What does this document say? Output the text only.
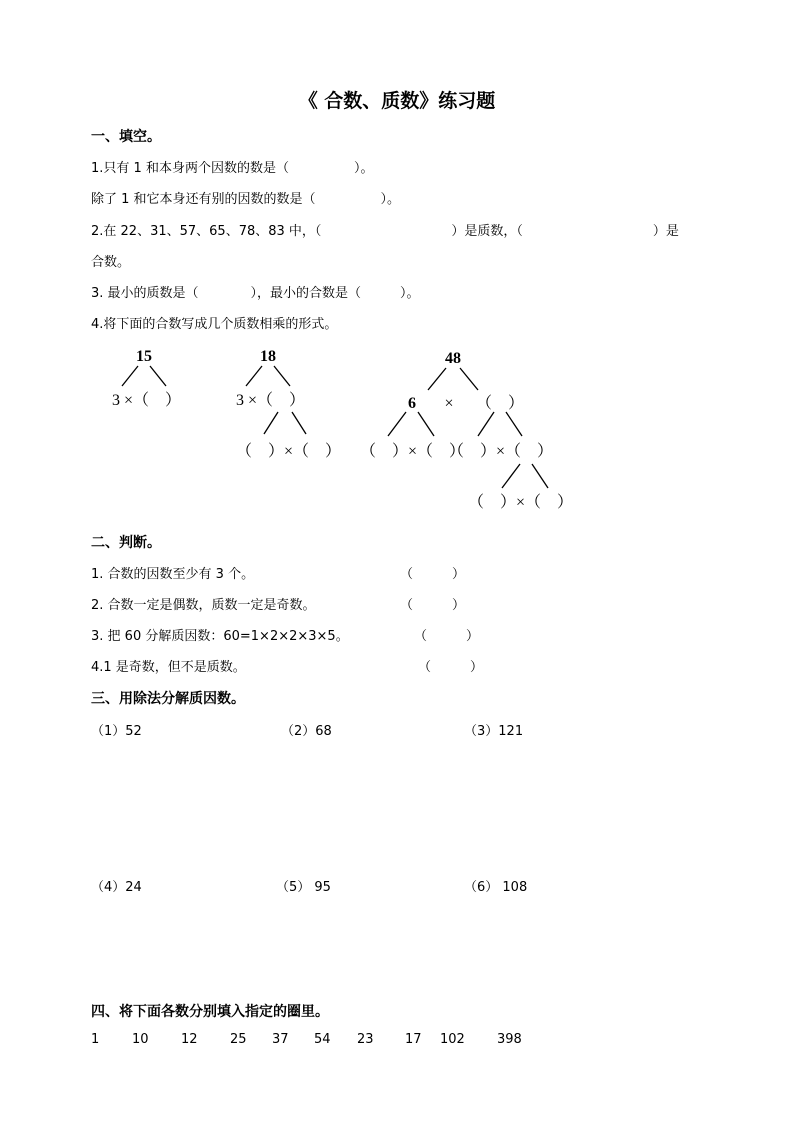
《 合数、质数》练习题
一、填空。
1.只有 1 和本身两个因数的数是（　　　　　）。
除了 1 和它本身还有别的因数的数是（　　　　　）。
2.在 22、31、57、65、78、83 中，（　　　　　　　　　　）是质数，（　　　　　　　　　　）是
合数。
3. 最小的质数是（　　　　），最小的合数是（　　　）。
4.将下面的合数写成几个质数相乘的形式。
15
3 ×（　）
18
3 ×（　）
（　）×（　）
48
6 × （　）
（　）×（　）
（　）×（　）
（　）×（　）
二、判断。
1. 合数的因数至少有 3 个。	（　　　）
2. 合数一定是偶数，质数一定是奇数。	（　　　）
3. 把 60 分解质因数：60=1×2×2×3×5。	（　　　）
4.1 是奇数，但不是质数。	（　　　）
三、用除法分解质因数。
（1）52	（2）68	（3）121
（4）24	（5） 95	（6） 108
四、将下面各数分别填入指定的圈里。
1	10 12 25 37 54 23 17 102 398
